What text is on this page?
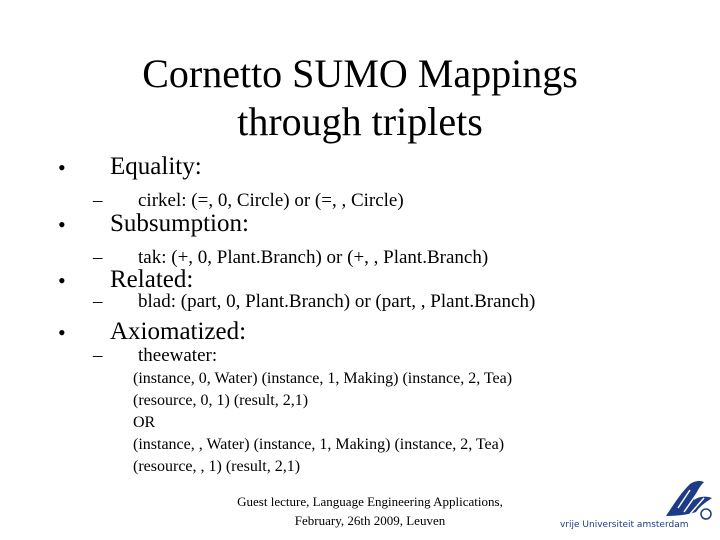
Cornetto SUMO Mappings
through triplets
• Equality:
– cirkel: (=, 0, Circle) or (=, , Circle)
• Subsumption:
– tak: (+, 0, Plant.Branch) or (+, , Plant.Branch)
• Related:
– blad: (part, 0, Plant.Branch) or (part, , Plant.Branch)
• Axiomatized:
– theewater:
(instance, 0, Water) (instance, 1, Making) (instance, 2, Tea)
(resource, 0, 1) (result, 2,1)
OR
(instance, , Water) (instance, 1, Making) (instance, 2, Tea)
(resource, , 1) (result, 2,1)
Guest lecture, Language Engineering Applications,
February, 26th 2009, Leuven	vrije Universiteit amsterdam
